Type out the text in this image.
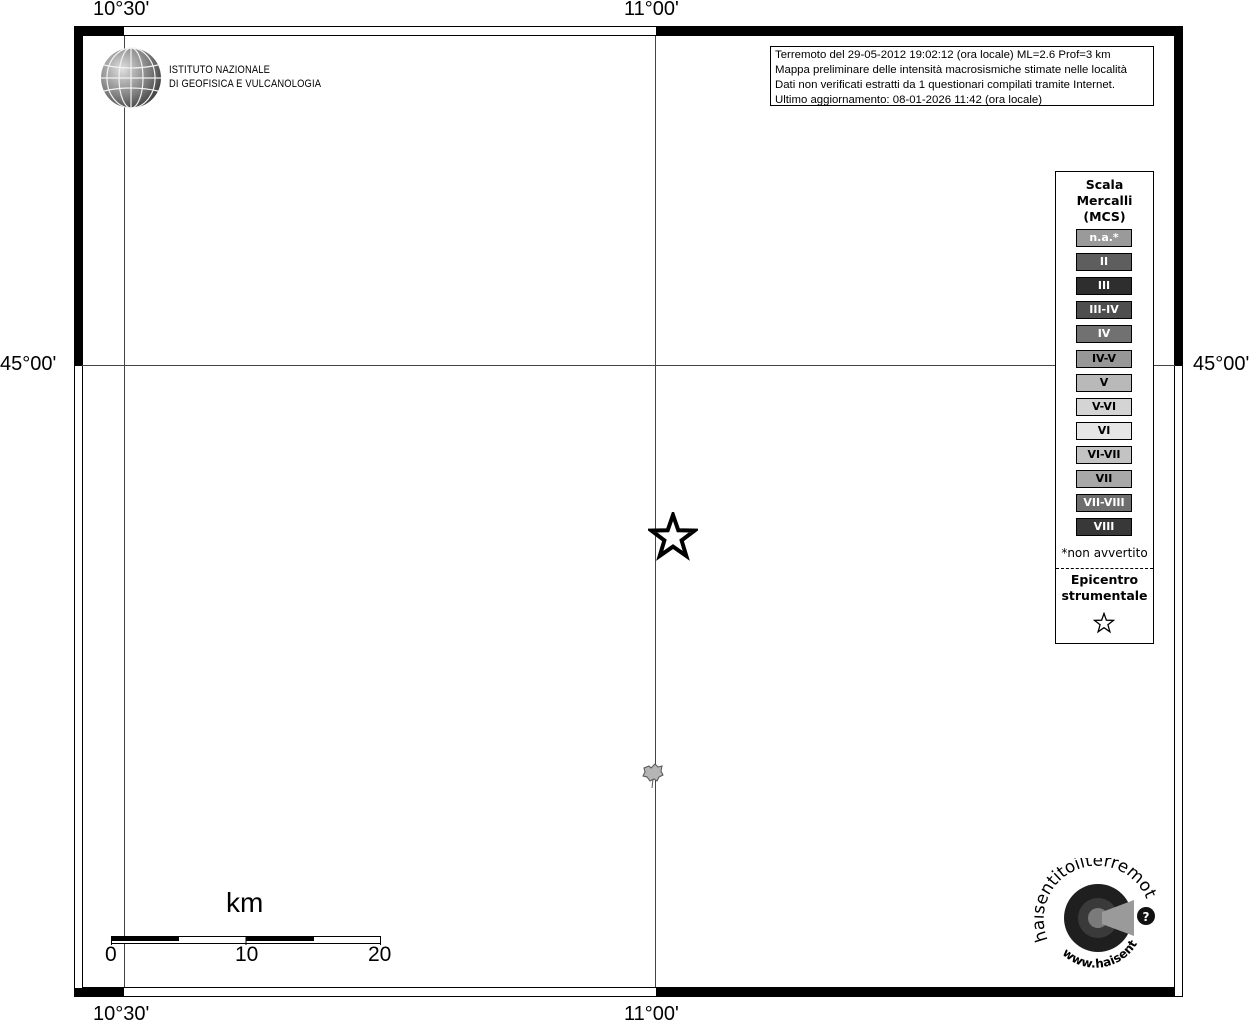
10°30'	11°00'
10°30'	11°00'
45°00'	45°00'
ISTITUTO NAZIONALE
DI GEOFISICA E VULCANOLOGIA
Terremoto del 29-05-2012 19:02:12 (ora locale) ML=2.6 Prof=3 km
Mappa preliminare delle intensità macrosismiche stimate nelle località
Dati non verificati estratti da 1 questionari compilati tramite Internet.
Ultimo aggiornamento: 08-01-2026 11:42 (ora locale)
Scala
Mercalli
(MCS)
n.a.*
II
III
III-IV
IV
IV-V
V
V-VI
VI
VI-VII
VII
VII-VIII
VIII
*non avvertito
Epicentro
strumentale
km
0	10	20
ntitoilterremot
www.haisent
?
